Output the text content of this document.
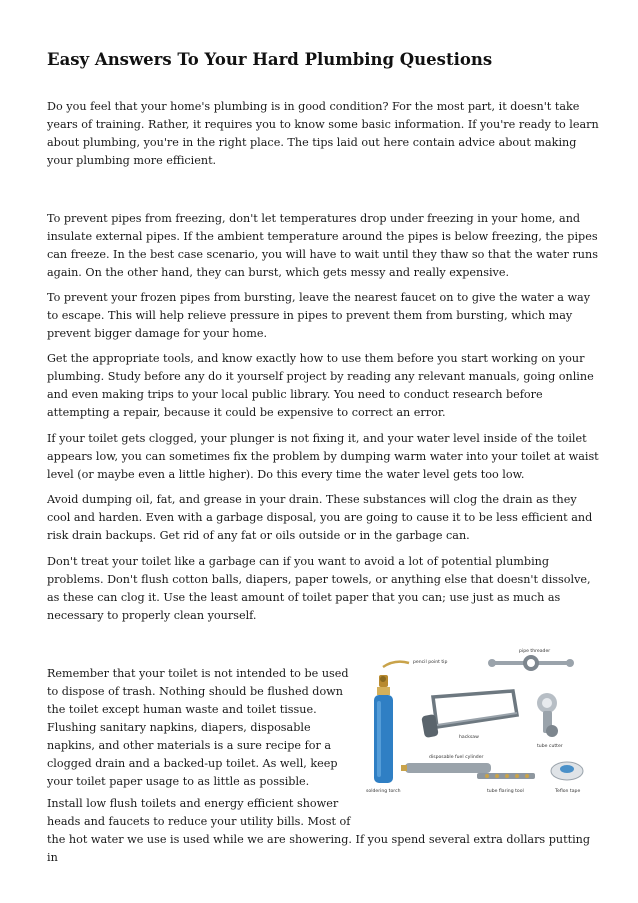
Easy Answers To Your Hard Plumbing Questions

Do you feel that your home's plumbing is in good condition? For the most part, it doesn't take years of training. Rather, it requires you to know some basic information. If you're ready to learn about plumbing, you're in the right place. The tips laid out here contain advice about making your plumbing more efficient.

To prevent pipes from freezing, don't let temperatures drop under freezing in your home, and insulate external pipes. If the ambient temperature around the pipes is below freezing, the pipes can freeze. In the best case scenario, you will have to wait until they thaw so that the water runs again. On the other hand, they can burst, which gets messy and really expensive.

To prevent your frozen pipes from bursting, leave the nearest faucet on to give the water a way to escape. This will help relieve pressure in pipes to prevent them from bursting, which may prevent bigger damage for your home.

Get the appropriate tools, and know exactly how to use them before you start working on your plumbing. Study before any do it yourself project by reading any relevant manuals, going online and even making trips to your local public library. You need to conduct research before attempting a repair, because it could be expensive to correct an error.

If your toilet gets clogged, your plunger is not fixing it, and your water level inside of the toilet appears low, you can sometimes fix the problem by dumping warm water into your toilet at waist level (or maybe even a little higher). Do this every time the water level gets too low.

Avoid dumping oil, fat, and grease in your drain. These substances will clog the drain as they cool and harden. Even with a garbage disposal, you are going to cause it to be less efficient and risk drain backups. Get rid of any fat or oils outside or in the garbage can.

Don't treat your toilet like a garbage can if you want to avoid a lot of potential plumbing problems. Don't flush cotton balls, diapers, paper towels, or anything else that doesn't dissolve, as these can clog it. Use the least amount of toilet paper that you can; use just as much as necessary to properly clean yourself.

Remember that your toilet is not intended to be used to dispose of trash. Nothing should be flushed down the toilet except human waste and toilet tissue. Flushing sanitary napkins, diapers, disposable napkins, and other materials is a sure recipe for a clogged drain and a backed-up toilet. As well, keep your toilet paper usage to as little as possible.

Install low flush toilets and energy efficient shower heads and faucets to reduce your utility bills. Most of

the hot water we use is used while we are showering. If you spend several extra dollars putting in

pencil point tip
soldering torch
pipe threader
hacksaw
tube cutter
disposable fuel cylinder
tube flaring tool	Teflon tape
